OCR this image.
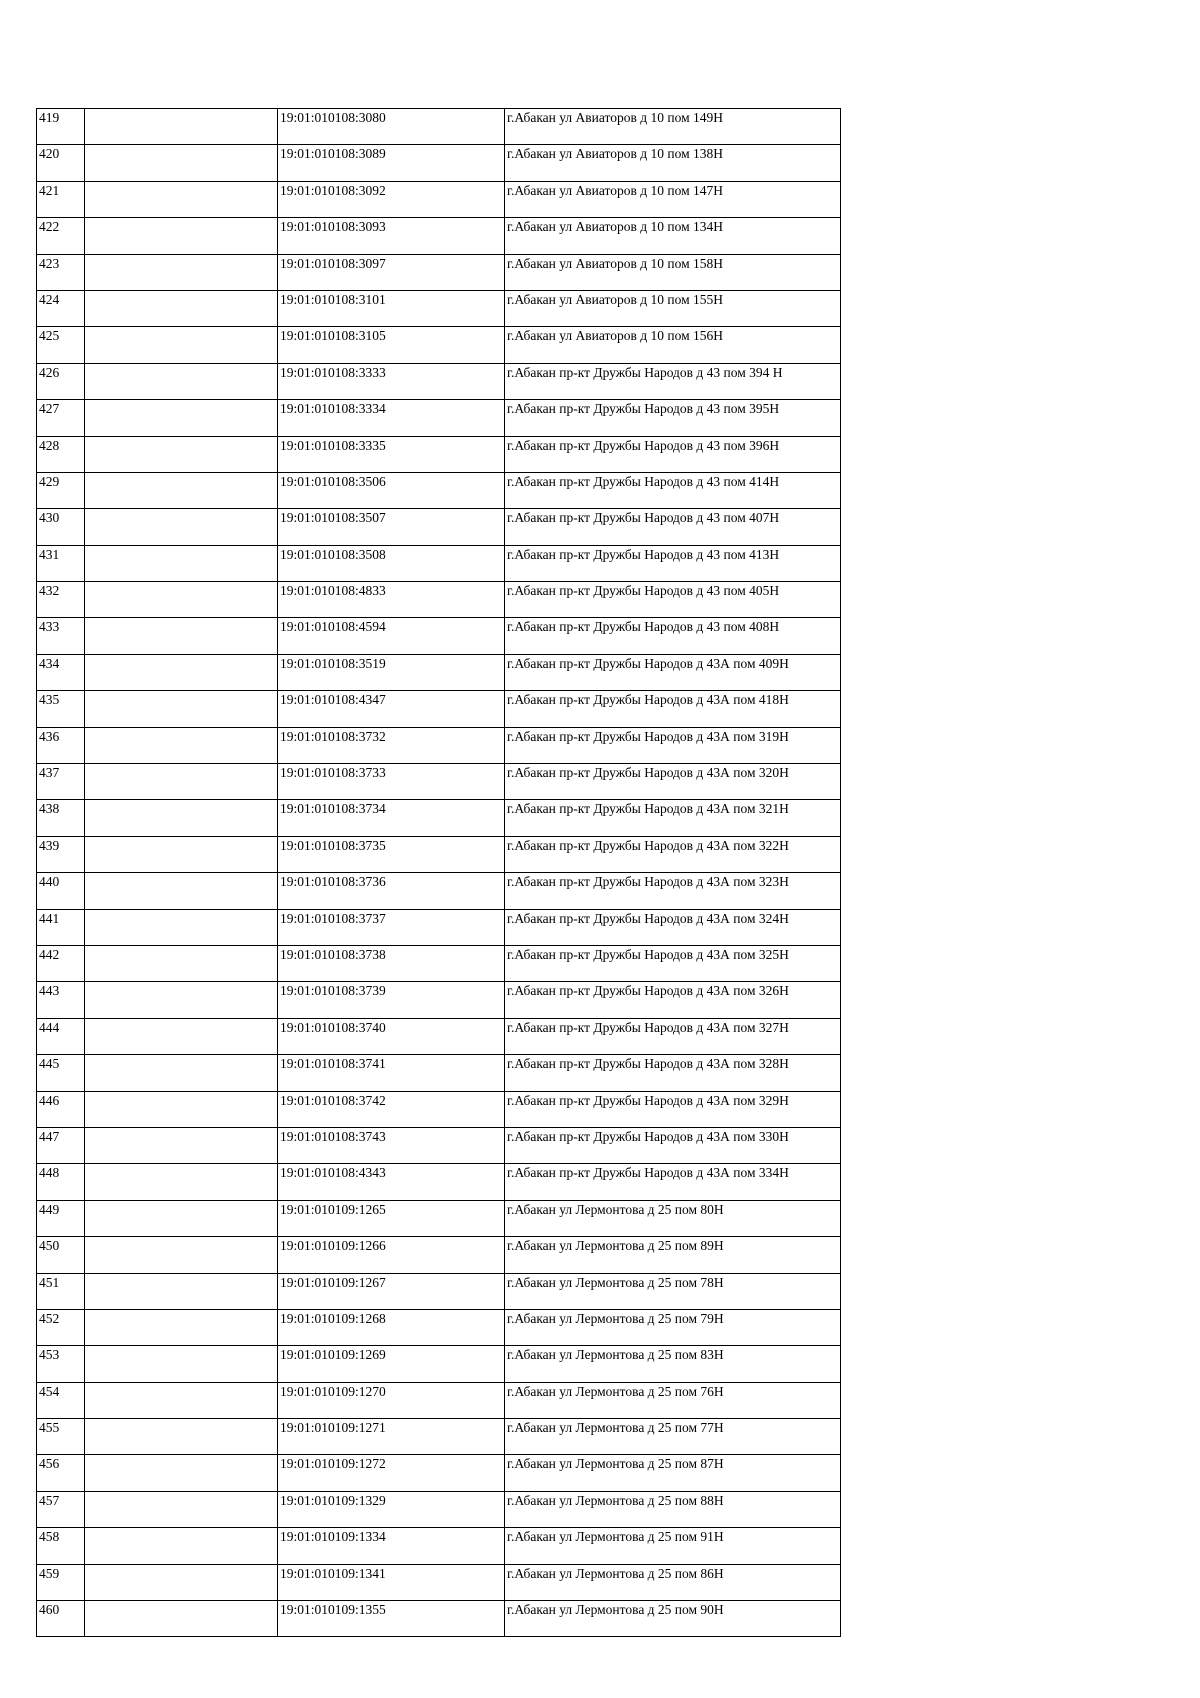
419		19:01:010108:3080	г.Абакан ул Авиаторов д 10 пом 149Н
420		19:01:010108:3089	г.Абакан ул Авиаторов д 10 пом 138Н
421		19:01:010108:3092	г.Абакан ул Авиаторов д 10 пом 147Н
422		19:01:010108:3093	г.Абакан ул Авиаторов д 10 пом 134Н
423		19:01:010108:3097	г.Абакан ул Авиаторов д 10 пом 158Н
424		19:01:010108:3101	г.Абакан ул Авиаторов д 10 пом 155Н
425		19:01:010108:3105	г.Абакан ул Авиаторов д 10 пом 156Н
426		19:01:010108:3333	г.Абакан пр-кт Дружбы Народов д 43 пом 394 Н
427		19:01:010108:3334	г.Абакан пр-кт Дружбы Народов д 43 пом 395Н
428		19:01:010108:3335	г.Абакан пр-кт Дружбы Народов д 43 пом 396Н
429		19:01:010108:3506	г.Абакан пр-кт Дружбы Народов д 43 пом 414Н
430		19:01:010108:3507	г.Абакан пр-кт Дружбы Народов д 43 пом 407Н
431		19:01:010108:3508	г.Абакан пр-кт Дружбы Народов д 43 пом 413Н
432		19:01:010108:4833	г.Абакан пр-кт Дружбы Народов д 43 пом 405Н
433		19:01:010108:4594	г.Абакан пр-кт Дружбы Народов д 43 пом 408Н
434		19:01:010108:3519	г.Абакан пр-кт Дружбы Народов д 43А пом 409Н
435		19:01:010108:4347	г.Абакан пр-кт Дружбы Народов д 43А пом 418Н
436		19:01:010108:3732	г.Абакан пр-кт Дружбы Народов д 43А пом 319Н
437		19:01:010108:3733	г.Абакан пр-кт Дружбы Народов д 43А пом 320Н
438		19:01:010108:3734	г.Абакан пр-кт Дружбы Народов д 43А пом 321Н
439		19:01:010108:3735	г.Абакан пр-кт Дружбы Народов д 43А пом 322Н
440		19:01:010108:3736	г.Абакан пр-кт Дружбы Народов д 43А пом 323Н
441		19:01:010108:3737	г.Абакан пр-кт Дружбы Народов д 43А пом 324Н
442		19:01:010108:3738	г.Абакан пр-кт Дружбы Народов д 43А пом 325Н
443		19:01:010108:3739	г.Абакан пр-кт Дружбы Народов д 43А пом 326Н
444		19:01:010108:3740	г.Абакан пр-кт Дружбы Народов д 43А пом 327Н
445		19:01:010108:3741	г.Абакан пр-кт Дружбы Народов д 43А пом 328Н
446		19:01:010108:3742	г.Абакан пр-кт Дружбы Народов д 43А пом 329Н
447		19:01:010108:3743	г.Абакан пр-кт Дружбы Народов д 43А пом 330Н
448		19:01:010108:4343	г.Абакан пр-кт Дружбы Народов д 43А пом 334Н
449		19:01:010109:1265	г.Абакан ул Лермонтова д 25 пом 80Н
450		19:01:010109:1266	г.Абакан ул Лермонтова д 25 пом 89Н
451		19:01:010109:1267	г.Абакан ул Лермонтова д 25 пом 78Н
452		19:01:010109:1268	г.Абакан ул Лермонтова д 25 пом 79Н
453		19:01:010109:1269	г.Абакан ул Лермонтова д 25 пом 83Н
454		19:01:010109:1270	г.Абакан ул Лермонтова д 25 пом 76Н
455		19:01:010109:1271	г.Абакан ул Лермонтова д 25 пом 77Н
456		19:01:010109:1272	г.Абакан ул Лермонтова д 25 пом 87Н
457		19:01:010109:1329	г.Абакан ул Лермонтова д 25 пом 88Н
458		19:01:010109:1334	г.Абакан ул Лермонтова д 25 пом 91Н
459		19:01:010109:1341	г.Абакан ул Лермонтова д 25 пом 86Н
460		19:01:010109:1355	г.Абакан ул Лермонтова д 25 пом 90Н
